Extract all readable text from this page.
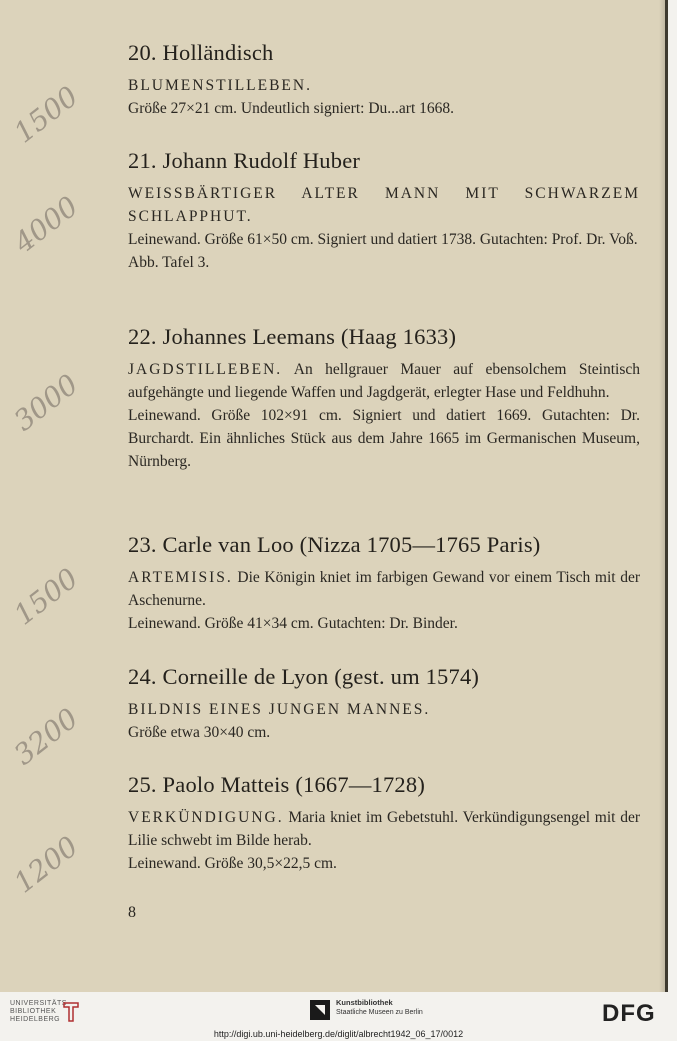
20. Holländisch

BLUMENSTILLEBEN.

Größe 27×21 cm. Undeutlich signiert: Du...art 1668.

21. Johann Rudolf Huber

WEISSBÄRTIGER ALTER MANN MIT SCHWARZEM SCHLAPPHUT.

Leinewand. Größe 61×50 cm. Signiert und datiert 1738. Gutachten: Prof. Dr. Voß.

Abb. Tafel 3.

22. Johannes Leemans (Haag 1633)

JAGDSTILLEBEN. An hellgrauer Mauer auf ebensolchem Steintisch aufgehängte und liegende Waffen und Jagdgerät, erlegter Hase und Feldhuhn.

Leinewand. Größe 102×91 cm. Signiert und datiert 1669. Gutachten: Dr. Burchardt. Ein ähnliches Stück aus dem Jahre 1665 im Germanischen Museum, Nürnberg.

23. Carle van Loo (Nizza 1705—1765 Paris)

ARTEMISIS. Die Königin kniet im farbigen Gewand vor einem Tisch mit der Aschenurne.

Leinewand. Größe 41×34 cm. Gutachten: Dr. Binder.

24. Corneille de Lyon (gest. um 1574)

BILDNIS EINES JUNGEN MANNES.

Größe etwa 30×40 cm.

25. Paolo Matteis (1667—1728)

VERKÜNDIGUNG. Maria kniet im Gebetstuhl. Verkündigungsengel mit der Lilie schwebt im Bilde herab.

Leinewand. Größe 30,5×22,5 cm.

8
1500
4000
3000
1500
3200
1200
UNIVERSITÄTS
BIBLIOTHEK
HEIDELBERG
Kunstbibliothek
Staatliche Museen zu Berlin	DFG
http://digi.ub.uni-heidelberg.de/diglit/albrecht1942_06_17/0012
